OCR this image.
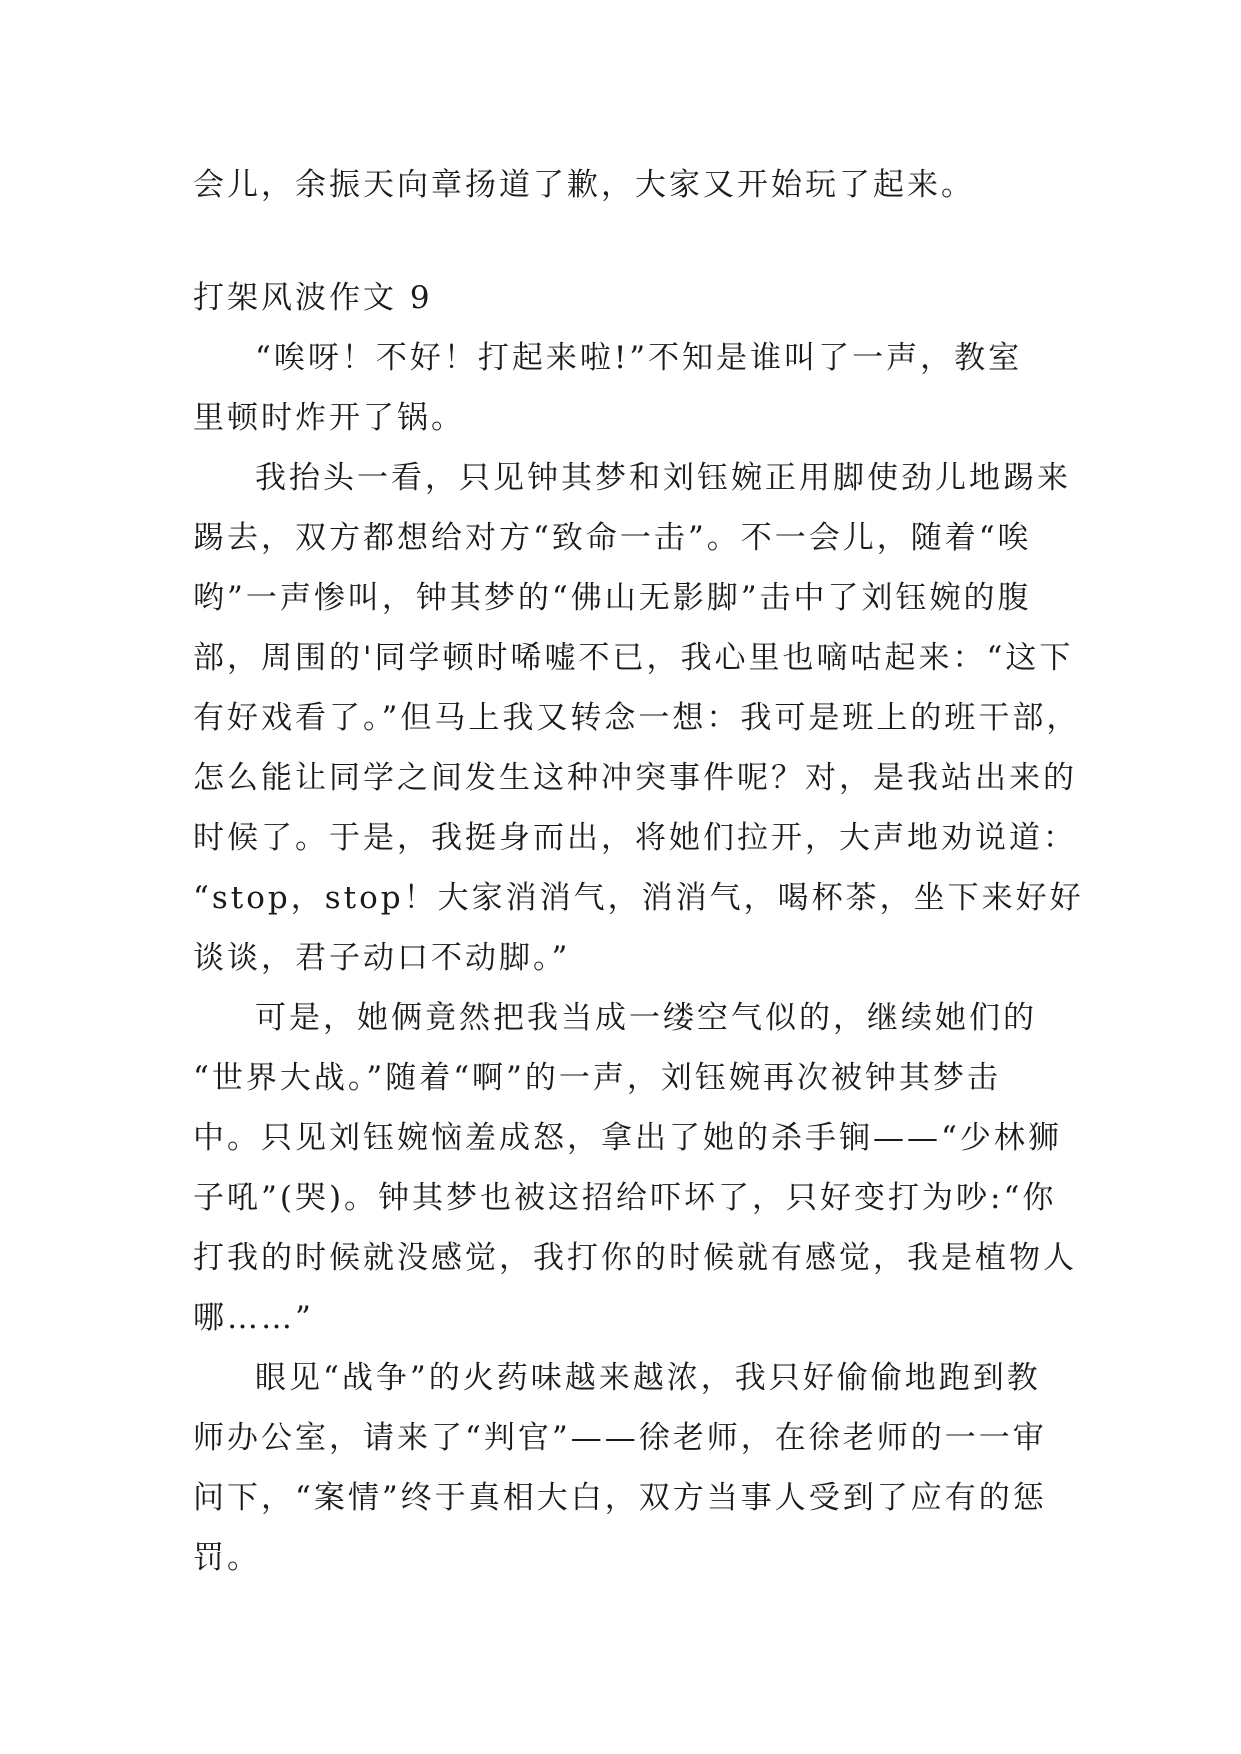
会儿，余振天向章扬道了歉，大家又开始玩了起来。
打架风波作文 9
“唉呀！不好！打起来啦!”不知是谁叫了一声，教室
里顿时炸开了锅。
我抬头一看，只见钟其梦和刘钰婉正用脚使劲儿地踢来
踢去，双方都想给对方“致命一击”。不一会儿，随着“唉
哟”一声惨叫，钟其梦的“佛山无影脚”击中了刘钰婉的腹
部，周围的'同学顿时唏嘘不已，我心里也嘀咕起来：“这下
有好戏看了。”但马上我又转念一想：我可是班上的班干部，
怎么能让同学之间发生这种冲突事件呢？对，是我站出来的
时候了。于是，我挺身而出，将她们拉开，大声地劝说道：
“stop，stop！大家消消气，消消气，喝杯茶，坐下来好好
谈谈，君子动口不动脚。”
可是，她俩竟然把我当成一缕空气似的，继续她们的
“世界大战。”随着“啊”的一声，刘钰婉再次被钟其梦击
中。只见刘钰婉恼羞成怒，拿出了她的杀手锏——“少林狮
子吼”(哭)。钟其梦也被这招给吓坏了，只好变打为吵:“你
打我的时候就没感觉，我打你的时候就有感觉，我是植物人
哪……”
眼见“战争”的火药味越来越浓，我只好偷偷地跑到教
师办公室，请来了“判官”——徐老师，在徐老师的一一审
问下，“案情”终于真相大白，双方当事人受到了应有的惩
罚。
